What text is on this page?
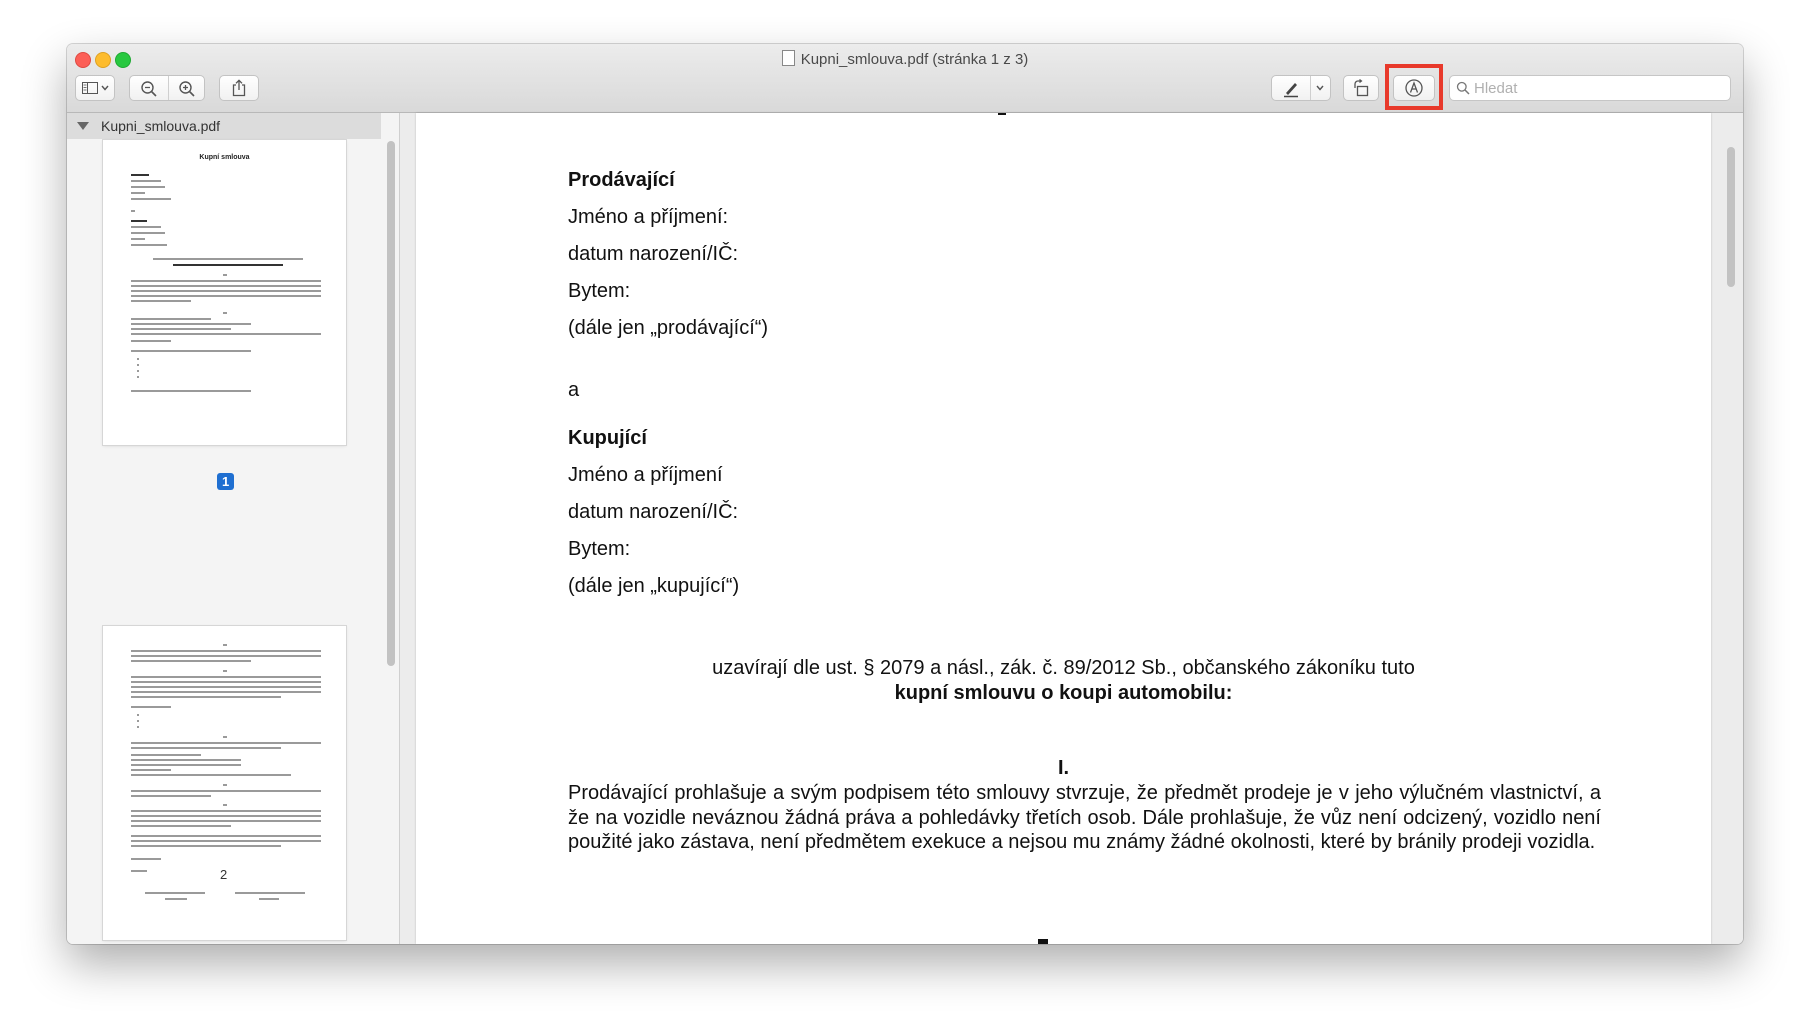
Kupni_smlouva.pdf (stránka 1 z 3)
Hledat
Kupni_smlouva.pdf
Kupní smlouva
1
2
Prodávající
Jméno a příjmení:
datum narození/IČ:
Bytem:
(dále jen „prodávající“)
a
Kupující
Jméno a příjmení
datum narození/IČ:
Bytem:
(dále jen „kupující“)
uzavírají dle ust. § 2079 a násl., zák. č. 89/2012 Sb., občanského zákoníku tuto
kupní smlouvu o koupi automobilu:
I.
Prodávající prohlašuje a svým podpisem této smlouvy stvrzuje, že předmět prodeje je v jeho výlučném vlastnictví, a že na vozidle neváznou žádná práva a pohledávky třetích osob. Dále prohlašuje, že vůz není odcizený, vozidlo není použité jako zástava, není předmětem exekuce a nejsou mu známy žádné okolnosti, které by bránily prodeji vozidla.
